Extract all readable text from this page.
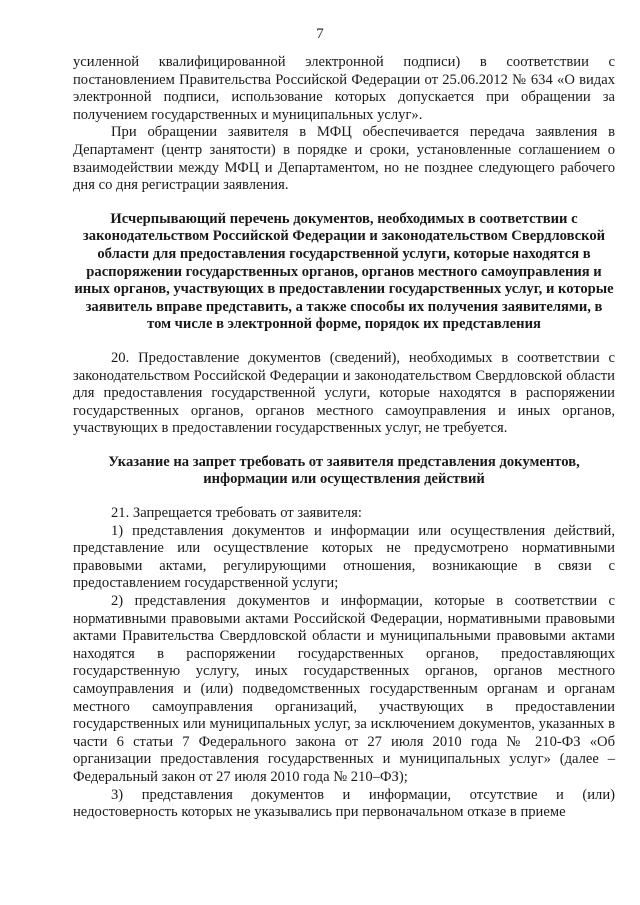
7

усиленной квалифицированной электронной подписи) в соответствии с постановлением Правительства Российской Федерации от 25.06.2012 № 634 «О видах электронной подписи, использование которых допускается при обращении за получением государственных и муниципальных услуг».

При обращении заявителя в МФЦ обеспечивается передача заявления в Департамент (центр занятости) в порядке и сроки, установленные соглашением о взаимодействии между МФЦ и Департаментом, но не позднее следующего рабочего дня со дня регистрации заявления.

Исчерпывающий перечень документов, необходимых в соответствии с законодательством Российской Федерации и законодательством Свердловской области для предоставления государственной услуги, которые находятся в распоряжении государственных органов, органов местного самоуправления и иных органов, участвующих в предоставлении государственных услуг, и которые заявитель вправе представить, а также способы их получения заявителями, в том числе в электронной форме, порядок их представления

20. Предоставление документов (сведений), необходимых в соответствии с законодательством Российской Федерации и законодательством Свердловской области для предоставления государственной услуги, которые находятся в распоряжении государственных органов, органов местного самоуправления и иных органов, участвующих в предоставлении государственных услуг, не требуется.

Указание на запрет требовать от заявителя представления документов, информации или осуществления действий

21. Запрещается требовать от заявителя:

1) представления документов и информации или осуществления действий, представление или осуществление которых не предусмотрено нормативными правовыми актами, регулирующими отношения, возникающие в связи с предоставлением государственной услуги;

2) представления документов и информации, которые в соответствии с нормативными правовыми актами Российской Федерации, нормативными правовыми актами Правительства Свердловской области и муниципальными правовыми актами находятся в распоряжении государственных органов, предоставляющих государственную услугу, иных государственных органов, органов местного самоуправления и (или) подведомственных государственным органам и органам местного самоуправления организаций, участвующих в предоставлении государственных или муниципальных услуг, за исключением документов, указанных в части 6 статьи 7 Федерального закона от 27 июля 2010 года № 210-ФЗ «Об организации предоставления государственных и муниципальных услуг» (далее – Федеральный закон от 27 июля 2010 года № 210–ФЗ);

3) представления документов и информации, отсутствие и (или) недостоверность которых не указывались при первоначальном отказе в приеме
